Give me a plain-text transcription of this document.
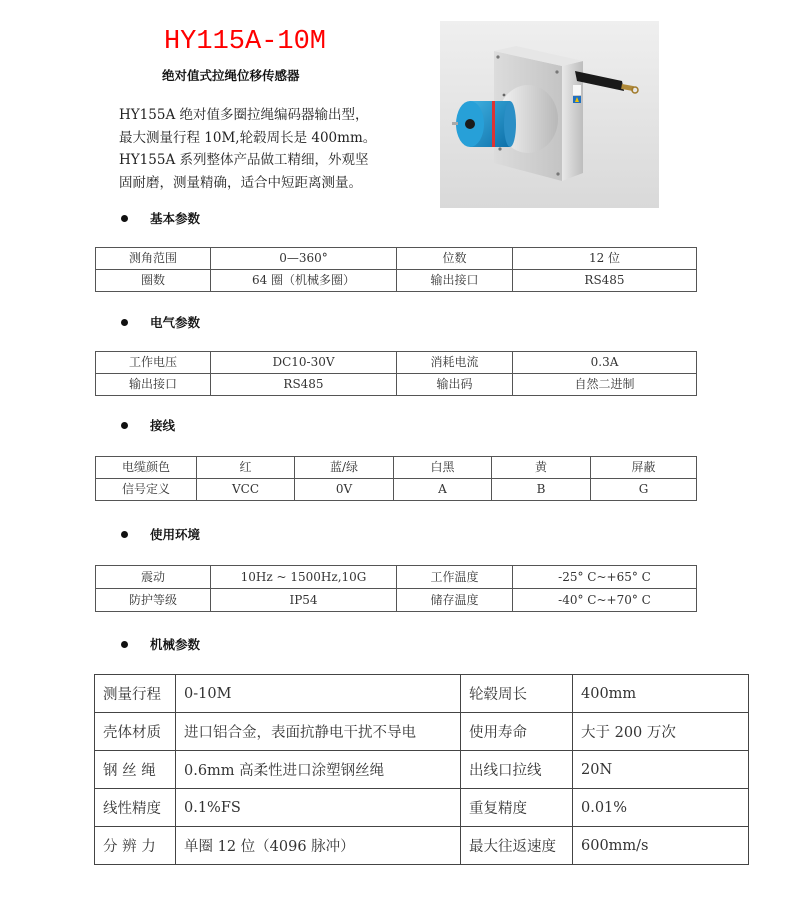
HY115A-10M
绝对值式拉绳位移传感器

HY155A 绝对值多圈拉绳编码器输出型，

最大测量行程 10M,轮毂周长是 400mm。

HY155A 系列整体产品做工精细，外观坚

固耐磨，测量精确，适合中短距离测量。

基本参数
测角范围	0—360°	位数	12 位
圈数	64 圈（机械多圈）	输出接口	RS485
电气参数
工作电压	DC10-30V	消耗电流	0.3A
输出接口	RS485	输出码	自然二进制
接线
电缆颜色	红	蓝/绿	白黑	黄	屏蔽
信号定义	VCC	0V	A	B	G
使用环境
震动	10Hz ~ 1500Hz,10G	工作温度	-25° C~+65° C
防护等级	IP54	储存温度	-40° C~+70° C
机械参数
测量行程	0-10M	轮毂周长	400mm
壳体材质	进口铝合金，表面抗静电干扰不导电	使用寿命	大于 200 万次
钢 丝 绳	0.6mm 高柔性进口涂塑钢丝绳	出线口拉线	20N
线性精度	0.1%FS	重复精度	0.01%
分 辨 力	单圈 12 位（4096 脉冲）	最大往返速度	600mm/s
